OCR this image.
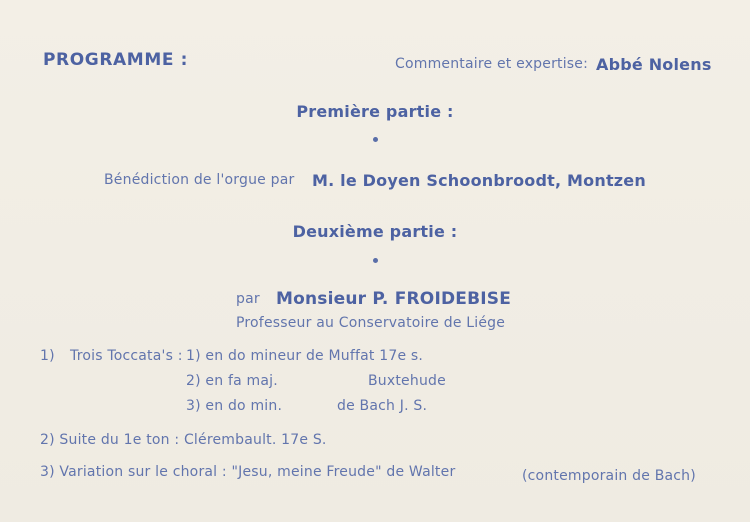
PROGRAMME :	Commentaire et expertise: Abbé Nolens
Première partie :
Bénédiction de l'orgue par M. le Doyen Schoonbroodt, Montzen
Deuxième partie :
par Monsieur P. FROIDEBISE
Professeur au Conservatoire de Liége
1) Trois Toccata's : 1) en do mineur de Muffat 17e s.
2) en fa maj.	Buxtehude
3) en do min.	de Bach J. S.
2) Suite du 1e ton : Clérembault. 17e S.
3) Variation sur le choral : "Jesu, meine Freude" de Walter	(contemporain de Bach)
